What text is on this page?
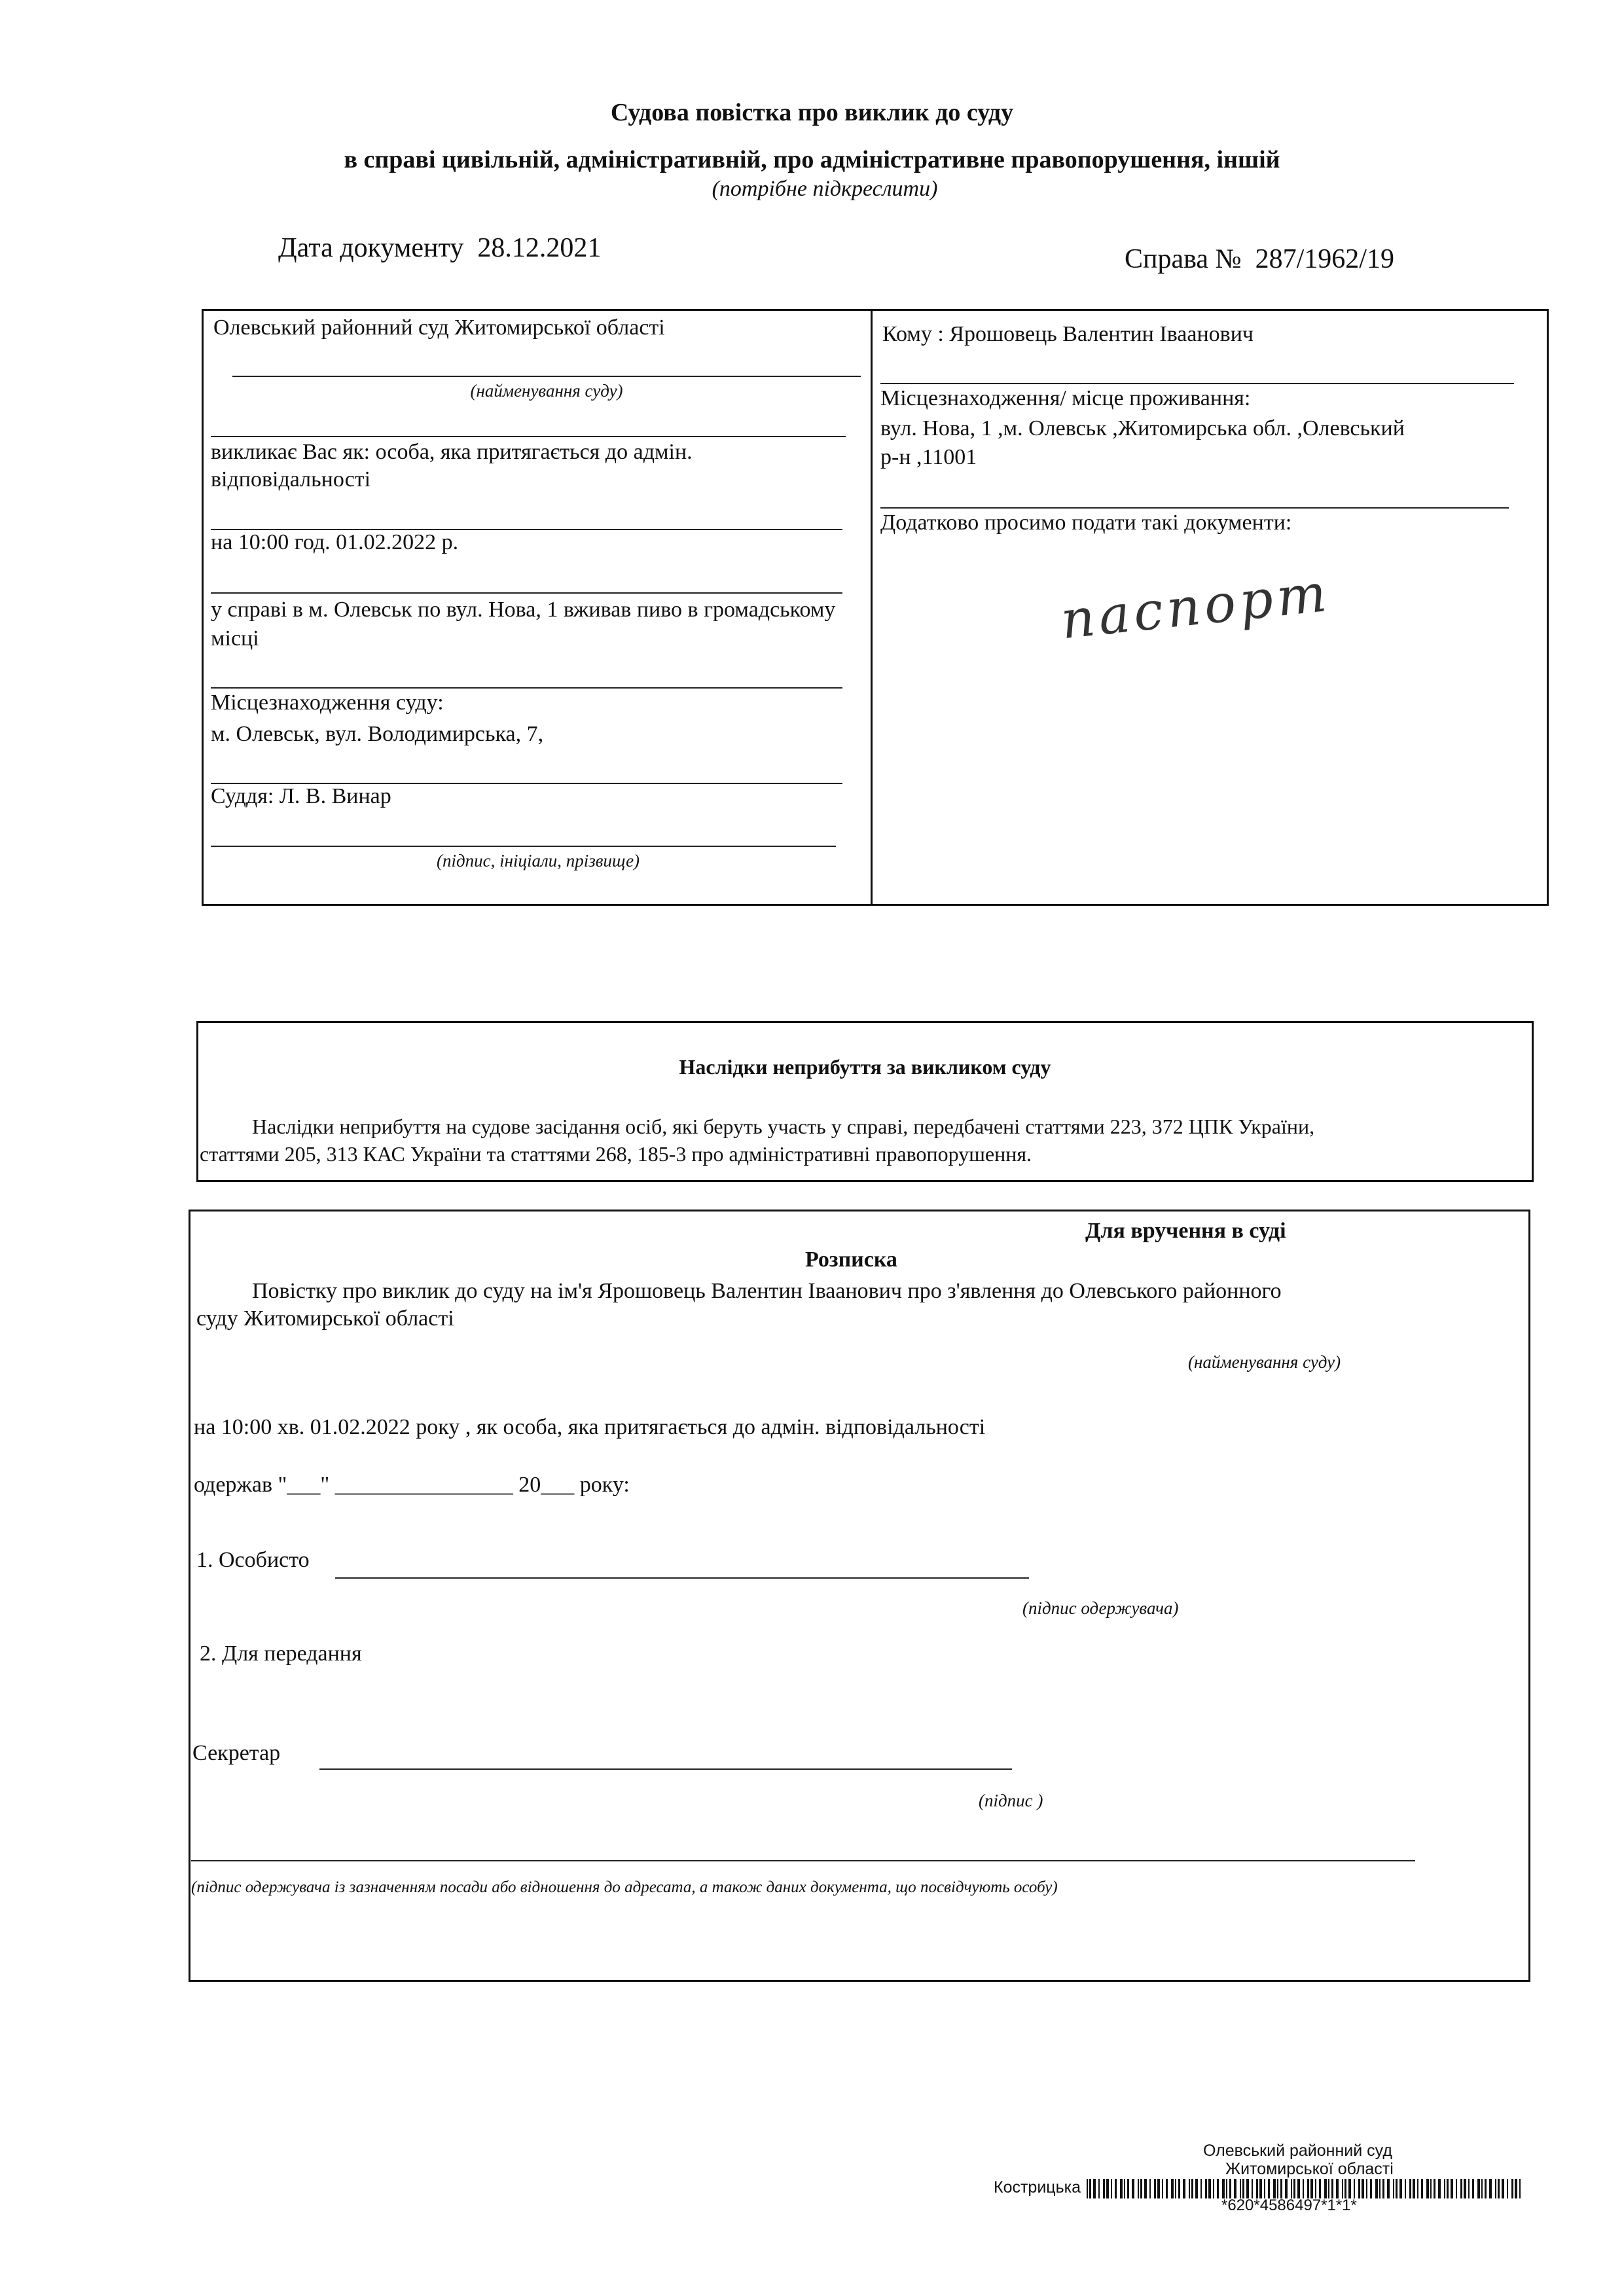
Судова повістка про виклик до суду
в справі цивільній, адміністративній, про адміністративне правопорушення, іншій
(потрібне підкреслити)
Дата документу 28.12.2021	Справа № 287/1962/19
Олевський районний суд Житомирської області
(найменування суду)
викликає Вас як: особа, яка притягається до адмін. відповідальності
на 10:00 год. 01.02.2022 р.
у справі в м. Олевськ по вул. Нова, 1 вживав пиво в громадському місці
Місцезнаходження суду:
м. Олевськ, вул. Володимирська, 7,
Суддя: Л. В. Винар
(підпис, ініціали, прізвище)
Кому : Ярошовець Валентин Іваанович
Місцезнаходження/ місце проживання:
вул. Нова, 1 ,м. Олевськ ,Житомирська обл. ,Олевський
р-н ,11001
Додатково просимо подати такі документи:
паспорт
Наслідки неприбуття за викликом суду
Наслідки неприбуття на судове засідання осіб, які беруть участь у справі, передбачені статтями 223, 372 ЦПК України,
статтями 205, 313 КАС України та статтями 268, 185-3 про адміністративні правопорушення.
Для вручення в суді
Розписка
Повістку про виклик до суду на ім'я Ярошовець Валентин Іваанович про з'явлення до Олевського районного
суду Житомирської області
(найменування суду)
на 10:00 хв. 01.02.2022 року , як особа, яка притягається до адмін. відповідальності
одержав "___" ________________ 20___ року:
1. Особисто
(підпис одержувача)
2. Для передання
Секретар
(підпис )
(підпис одержувача із зазначенням посади або відношення до адресата, а також даних документа, що посвідчують особу)
Олевський районний суд
Житомирської області
Кострицька
*620*4586497*1*1*
